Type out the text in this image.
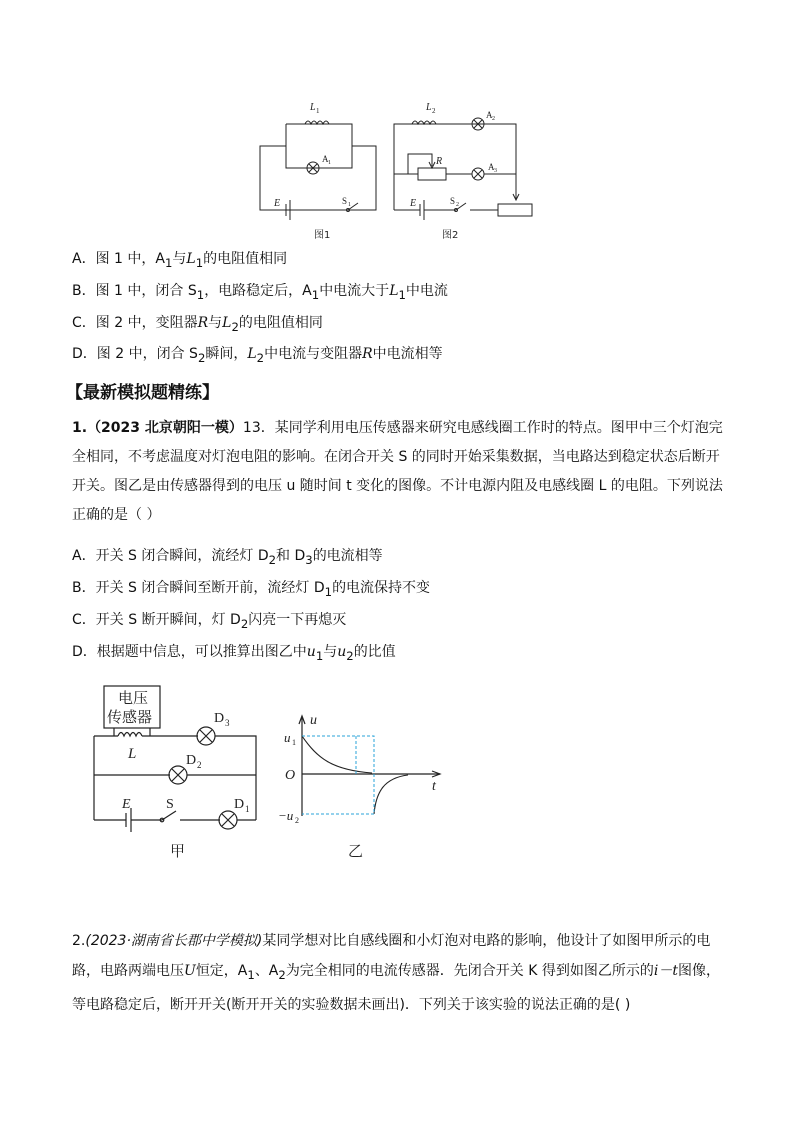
L 1
A 1
E	S 1
图1
L 2	A 2
R	A 3
E	S 2
图2
A．图 1 中，$A_1$与$L_1$的电阻值相同
B．图 1 中，闭合 $S_1$，电路稳定后，$A_1$中电流大于$L_1$中电流
C．图 2 中，变阻器R与$L_2$的电阻值相同
D．图 2 中，闭合 $S_2$瞬间，$L_2$中电流与变阻器R中电流相等
【最新模拟题精练】
1.（2023 北京朝阳一模）13．某同学利用电压传感器来研究电感线圈工作时的特点。图甲中三个灯泡完全相同，不考虑温度对灯泡电阻的影响。在闭合开关 S 的同时开始采集数据，当电路达到稳定状态后断开开关。图乙是由传感器得到的电压 u 随时间 t 变化的图像。不计电源内阻及电感线圈 L 的电阻。下列说法正确的是（ ）
A．开关 S 闭合瞬间，流经灯 $D_2$和 $D_3$的电流相等
B．开关 S 闭合瞬间至断开前，流经灯 $D_1$的电流保持不变
C．开关 S 断开瞬间，灯 $D_2$闪亮一下再熄灭
D．根据题中信息，可以推算出图乙中$u_1$与$u_2$的比值
电压
传感器
L
D 3
D 2
E	S	D 1
甲
u
u 1
O
−u 2
t
乙
2.(2023·湖南省长郡中学模拟)某同学想对比自感线圈和小灯泡对电路的影响，他设计了如图甲所示的电路，电路两端电压U恒定，$A_1$、$A_2$为完全相同的电流传感器．先闭合开关 K 得到如图乙所示的i－t图像，等电路稳定后，断开开关(断开开关的实验数据未画出)．下列关于该实验的说法正确的是( )
